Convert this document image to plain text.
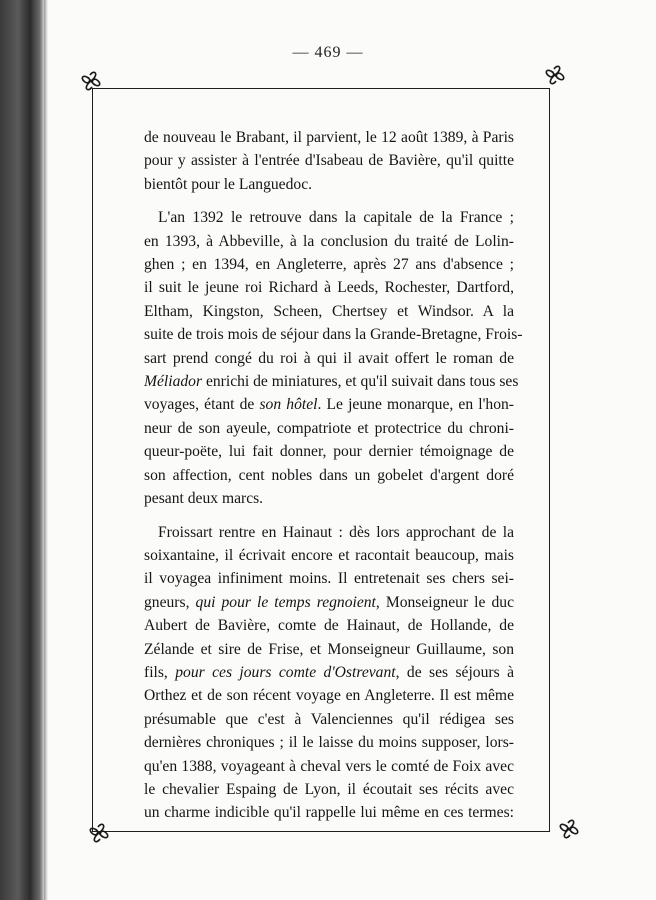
— 469 —
de nouveau le Brabant, il parvient, le 12 août 1389, à Paris
pour y assister à l'entrée d'Isabeau de Bavière, qu'il quitte
bientôt pour le Languedoc.
L'an 1392 le retrouve dans la capitale de la France ;
en 1393, à Abbeville, à la conclusion du traité de Lolin-
ghen ; en 1394, en Angleterre, après 27 ans d'absence ;
il suit le jeune roi Richard à Leeds, Rochester, Dartford,
Eltham, Kingston, Scheen, Chertsey et Windsor. A la
suite de trois mois de séjour dans la Grande-Bretagne, Frois-
sart prend congé du roi à qui il avait offert le roman de
Méliador enrichi de miniatures, et qu'il suivait dans tous ses
voyages, étant de son hôtel. Le jeune monarque, en l'hon-
neur de son ayeule, compatriote et protectrice du chroni-
queur-poëte, lui fait donner, pour dernier témoignage de
son affection, cent nobles dans un gobelet d'argent doré
pesant deux marcs.
Froissart rentre en Hainaut : dès lors approchant de la
soixantaine, il écrivait encore et racontait beaucoup, mais
il voyagea infiniment moins. Il entretenait ses chers sei-
gneurs, qui pour le temps regnoient, Monseigneur le duc
Aubert de Bavière, comte de Hainaut, de Hollande, de
Zélande et sire de Frise, et Monseigneur Guillaume, son
fils, pour ces jours comte d'Ostrevant, de ses séjours à
Orthez et de son récent voyage en Angleterre. Il est même
présumable que c'est à Valenciennes qu'il rédigea ses
dernières chroniques ; il le laisse du moins supposer, lors-
qu'en 1388, voyageant à cheval vers le comté de Foix avec
le chevalier Espaing de Lyon, il écoutait ses récits avec
un charme indicible qu'il rappelle lui même en ces termes:
